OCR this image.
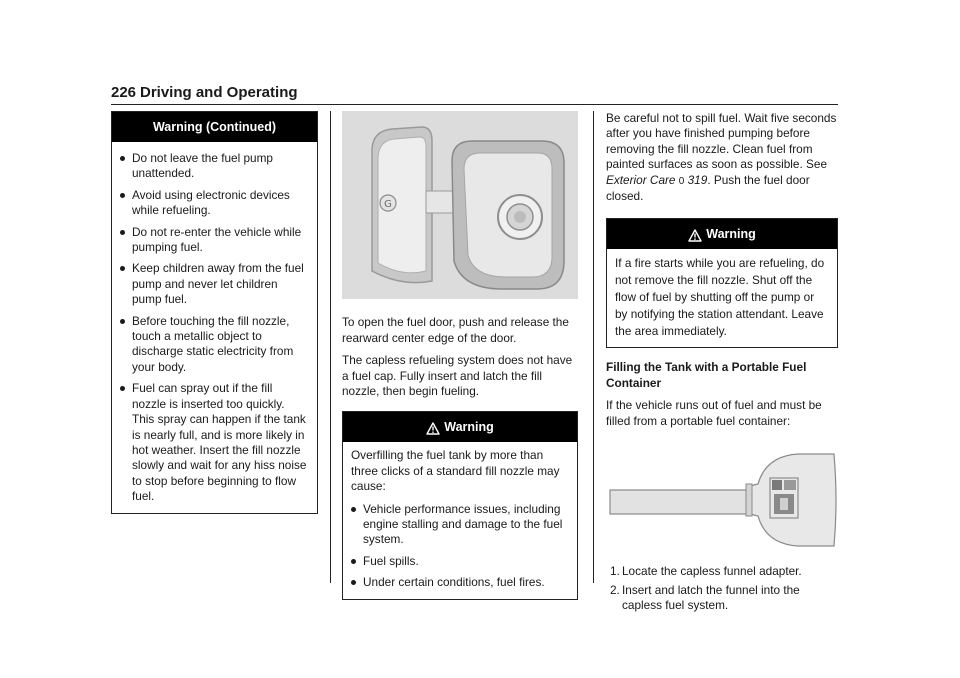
226 Driving and Operating
Warning (Continued)
Do not leave the fuel pump unattended.
Avoid using electronic devices while refueling.
Do not re-enter the vehicle while pumping fuel.
Keep children away from the fuel pump and never let children pump fuel.
Before touching the fill nozzle, touch a metallic object to discharge static electricity from your body.
Fuel can spray out if the fill nozzle is inserted too quickly. This spray can happen if the tank is nearly full, and is more likely in hot weather. Insert the fill nozzle slowly and wait for any hiss noise to stop before beginning to flow fuel.
G

To open the fuel door, push and release the rearward center edge of the door.

The capless refueling system does not have a fuel cap. Fully insert and latch the fill nozzle, then begin fueling.

Warning

Overfilling the fuel tank by more than three clicks of a standard fill nozzle may cause:

Vehicle performance issues, including engine stalling and damage to the fuel system.
Fuel spills.
Under certain conditions, fuel fires.

Be careful not to spill fuel. Wait five seconds after you have finished pumping before removing the fill nozzle. Clean fuel from painted surfaces as soon as possible. See Exterior Care 0 319. Push the fuel door closed.

Warning
If a fire starts while you are refueling, do not remove the fill nozzle. Shut off the flow of fuel by shutting off the pump or by notifying the station attendant. Leave the area immediately.
Filling the Tank with a Portable Fuel Container

If the vehicle runs out of fuel and must be filled from a portable fuel container:

1. Locate the capless funnel adapter.
2. Insert and latch the funnel into the capless fuel system.
